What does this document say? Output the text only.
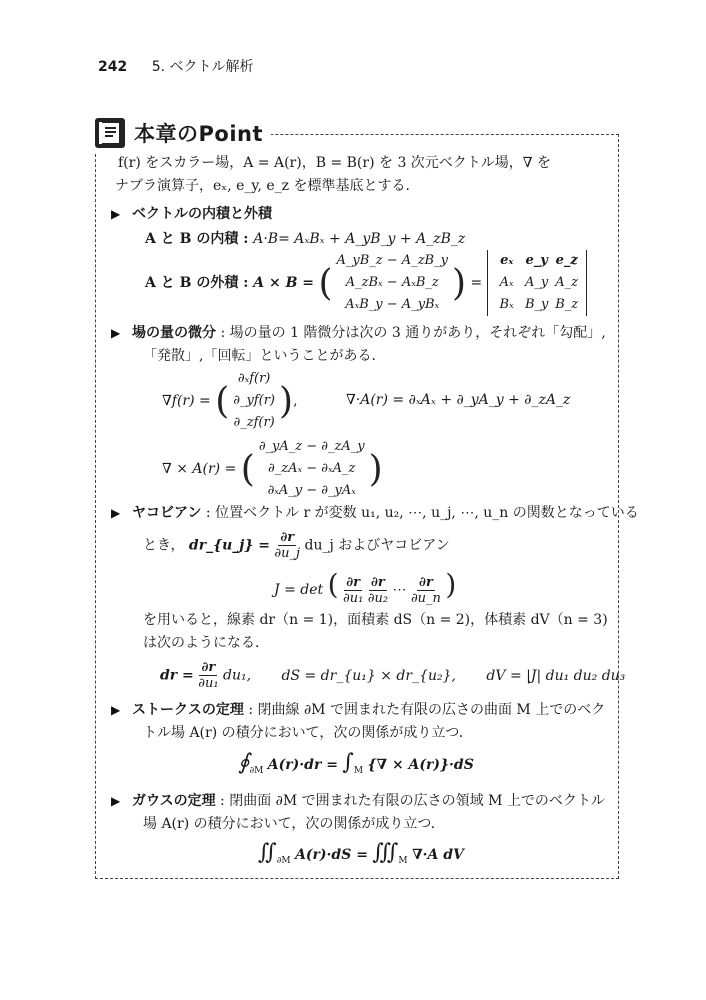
242 5. ベクトル解析
本章のPoint
f(r) をスカラー場，A = A(r)，B = B(r) を 3 次元ベクトル場，∇ を
ナブラ演算子，eₓ, e_y, e_z を標準基底とする．
▶ ベクトルの内積と外積
A と B の内積 : A·B= AₓBₓ + A_yB_y + A_zB_z
A と B の外積 : A × B = (
A_yB_z − A_zB_y
A_zBₓ − AₓB_z
AₓB_y − A_yBₓ
) =
eₓ e_y e_z
Aₓ A_y A_z
Bₓ B_y B_z
▶ 場の量の微分 : 場の量の 1 階微分は次の 3 通りがあり，それぞれ「勾配」,
「発散」,「回転」ということがある．
∇f(r) = (
∂ₓf(r)
∂_yf(r)
∂_zf(r)
) ,	∇·A(r) = ∂ₓAₓ + ∂_yA_y + ∂_zA_z
∇ × A(r) = (
∂_yA_z − ∂_zA_y
∂_zAₓ − ∂ₓA_z
∂ₓA_y − ∂_yAₓ
)
▶ ヤコビアン : 位置ベクトル r が変数 u₁, u₂, ⋯, u_j, ⋯, u_n の関数となっている
とき， dr_{u_j} = $\frac{\partial r}{\partial u\_j}$ du_j およびヤコビアン
J = det ( $\frac{\partial r}{\text{∂u₁}}$
$\frac{\partial r}{\text{∂u₂}}$ ⋯ $\frac{\partial r}{\partial u\_n}$ )
を用いると，線素 dr（n = 1)，面積素 dS（n = 2)，体積素 dV（n = 3)
は次のようになる．
dr = $\frac{\partial r}{\text{∂u₁}} du_1$, dS = dr_{u₁} × dr_{u₂}, dV = |J| du₁ du₂ du₃
▶ ストークスの定理 : 閉曲線 ∂M で囲まれた有限の広さの曲面 M 上でのベク
トル場 A(r) の積分において，次の関係が成り立つ．
$∮_{\partial M}$ $A(r)\cdot dr = \int_M$ {∇ × A(r)}·dS
▶ ガウスの定理 : 閉曲面 ∂M で囲まれた有限の広さの領域 M 上でのベクトル
場 A(r) の積分において，次の関係が成り立つ．
$∬_{\partial M}$ $A(r)\cdot dS = ∭_M$ ∇·A dV
